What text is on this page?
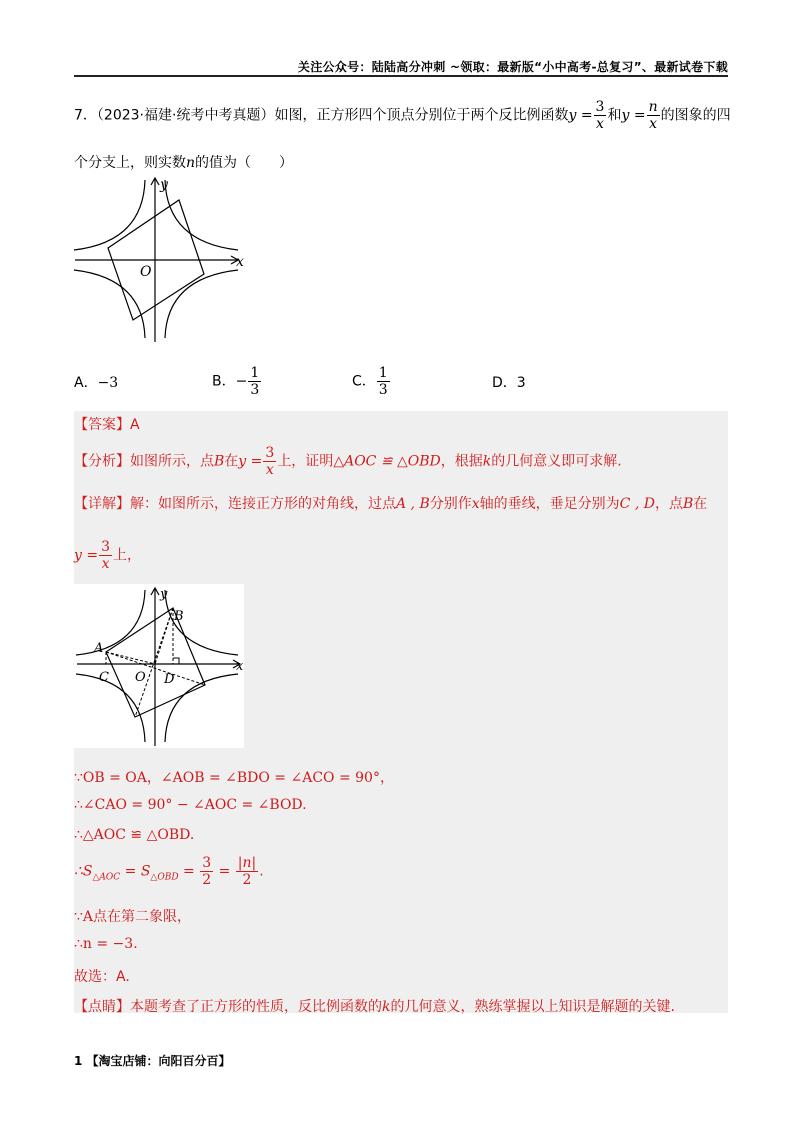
关注公众号：陆陆高分冲刺 ~领取：最新版“小中高考-总复习”、最新试卷下载
7．（2023·福建·统考中考真题）如图，正方形四个顶点分别位于两个反比例函数$y = \frac{3}{x}$ 和$y = \frac{n}{x}$ 的图象的四
个分支上，则实数n的值为（　　）
y
x
O
A．−3	B．− $\frac{1}{3}$	C． $\frac{1}{3}$	D．3
【答案】A
【分析】如图所示，点B在$y = \frac{3}{x}$ 上，证明△AOC ≌ △OBD，根据k的几何意义即可求解.
【详解】解：如图所示，连接正方形的对角线，过点A , B分别作x轴的垂线，垂足分别为C , D，点B在
$y = \frac{3}{x}$ 上，
y
x
A
B
C O D
∵OB = OA，∠AOB = ∠BDO = ∠ACO = 90°，
∴∠CAO = 90° − ∠AOC = ∠BOD.
∴△AOC ≌ △OBD.
$\therefore S_{\triangle AOC} = S_{\triangle OBD} = \frac{3}{2} = \frac{|n|}{2}$ .
∵A点在第二象限，
∴n = −3.
故选：A.
【点睛】本题考查了正方形的性质，反比例函数的k的几何意义，熟练掌握以上知识是解题的关键.
1 【淘宝店铺：向阳百分百】
